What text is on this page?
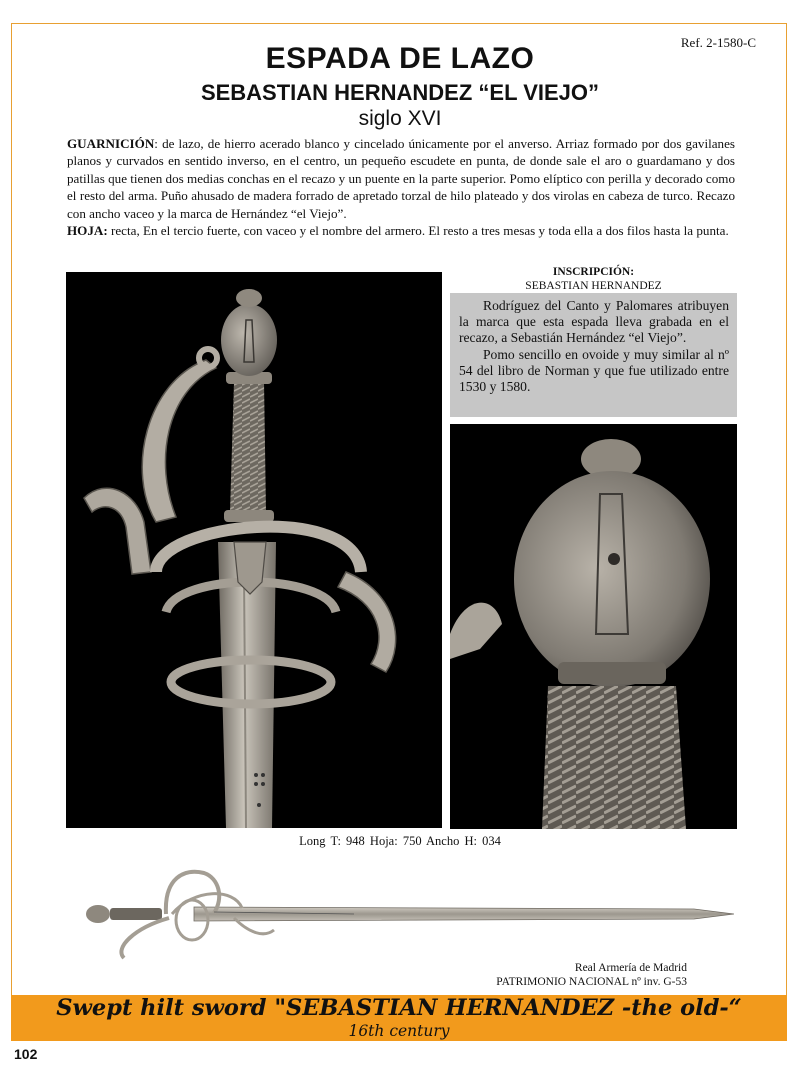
Ref. 2-1580-C
ESPADA DE LAZO
SEBASTIAN HERNANDEZ “EL VIEJO”
siglo XVI

GUARNICIÓN: de lazo, de hierro acerado blanco y cincelado únicamente por el anverso. Arriaz formado por dos gavilanes planos y curvados en sentido inverso, en el centro, un pequeño escudete en punta, de donde sale el aro o guardamano y dos patillas que tienen dos medias conchas en el recazo y un puente en la parte superior. Pomo elíptico con perilla y decorado como el resto del arma. Puño ahusado de madera forrado de apretado torzal de hilo plateado y dos virolas en cabeza de turco. Recazo con ancho vaceo y la marca de Hernández “el Viejo”.
HOJA: recta, En el tercio fuerte, con vaceo y el nombre del armero. El resto a tres mesas y toda ella a dos filos hasta la punta.

INSCRIPCIÓN:
SEBASTIAN HERNANDEZ

Rodríguez del Canto y Palomares atribuyen la marca que esta espada lleva grabada en el recazo, a Sebastián Hernández “el Viejo”.

Pomo sencillo en ovoide y muy similar al nº 54 del libro de Norman y que fue utilizado entre 1530 y 1580.

Long T: 948 Hoja: 750 Ancho H: 034
Real Armería de Madrid
PATRIMONIO NACIONAL nº inv. G-53
Swept hilt sword "SEBASTIAN HERNANDEZ -the old-“
16th century
102
